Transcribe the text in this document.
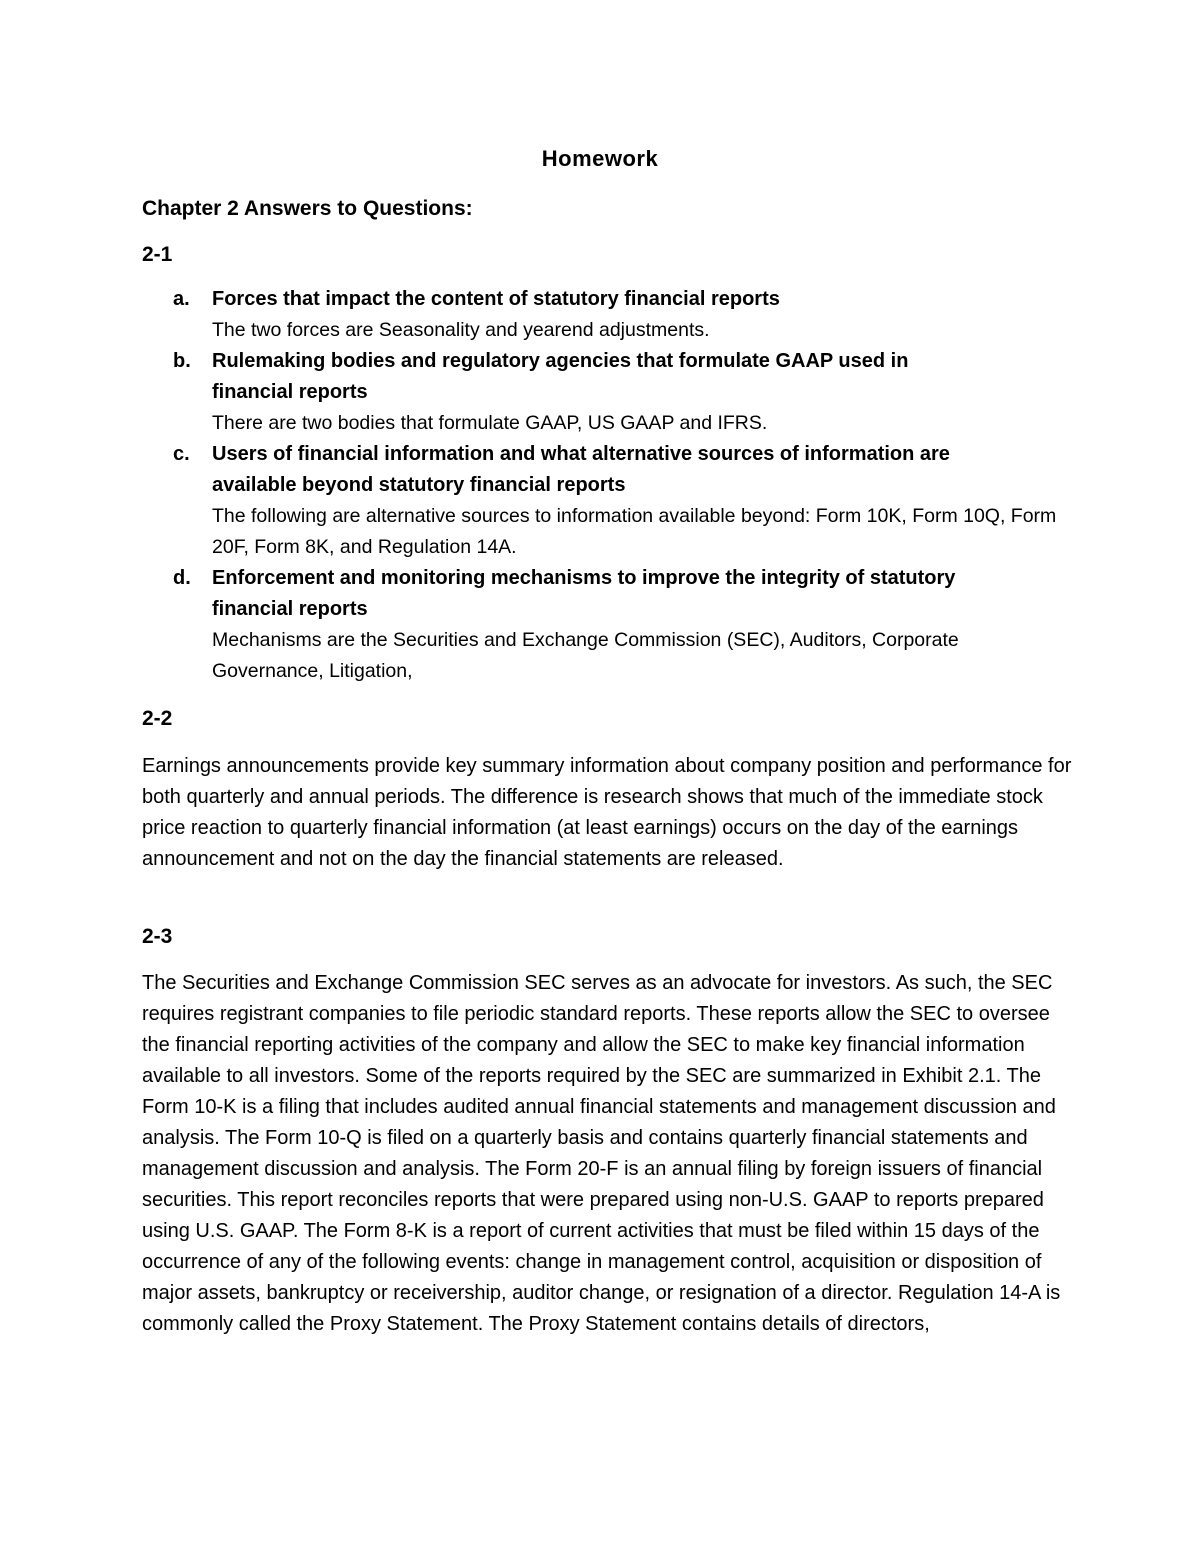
Homework
Chapter 2 Answers to Questions:
2-1
a. Forces that impact the content of statutory financial reports
The two forces are Seasonality and yearend adjustments.
b. Rulemaking bodies and regulatory agencies that formulate GAAP used in financial reports
There are two bodies that formulate GAAP, US GAAP and IFRS.
c. Users of financial information and what alternative sources of information are available beyond statutory financial reports
The following are alternative sources to information available beyond: Form 10K, Form 10Q, Form 20F, Form 8K, and Regulation 14A.
d. Enforcement and monitoring mechanisms to improve the integrity of statutory financial reports
Mechanisms are the Securities and Exchange Commission (SEC), Auditors, Corporate Governance, Litigation,
2-2

Earnings announcements provide key summary information about company position and performance for both quarterly and annual periods. The difference is research shows that much of the immediate stock price reaction to quarterly financial information (at least earnings) occurs on the day of the earnings announcement and not on the day the financial statements are released.

2-3

The Securities and Exchange Commission SEC serves as an advocate for investors. As such, the SEC requires registrant companies to file periodic standard reports. These reports allow the SEC to oversee the financial reporting activities of the company and allow the SEC to make key financial information available to all investors. Some of the reports required by the SEC are summarized in Exhibit 2.1. The Form 10-K is a filing that includes audited annual financial statements and management discussion and analysis. The Form 10-Q is filed on a quarterly basis and contains quarterly financial statements and management discussion and analysis. The Form 20-F is an annual filing by foreign issuers of financial securities. This report reconciles reports that were prepared using non-U.S. GAAP to reports prepared using U.S. GAAP. The Form 8-K is a report of current activities that must be filed within 15 days of the occurrence of any of the following events: change in management control, acquisition or disposition of major assets, bankruptcy or receivership, auditor change, or resignation of a director. Regulation 14-A is commonly called the Proxy Statement. The Proxy Statement contains details of directors,
